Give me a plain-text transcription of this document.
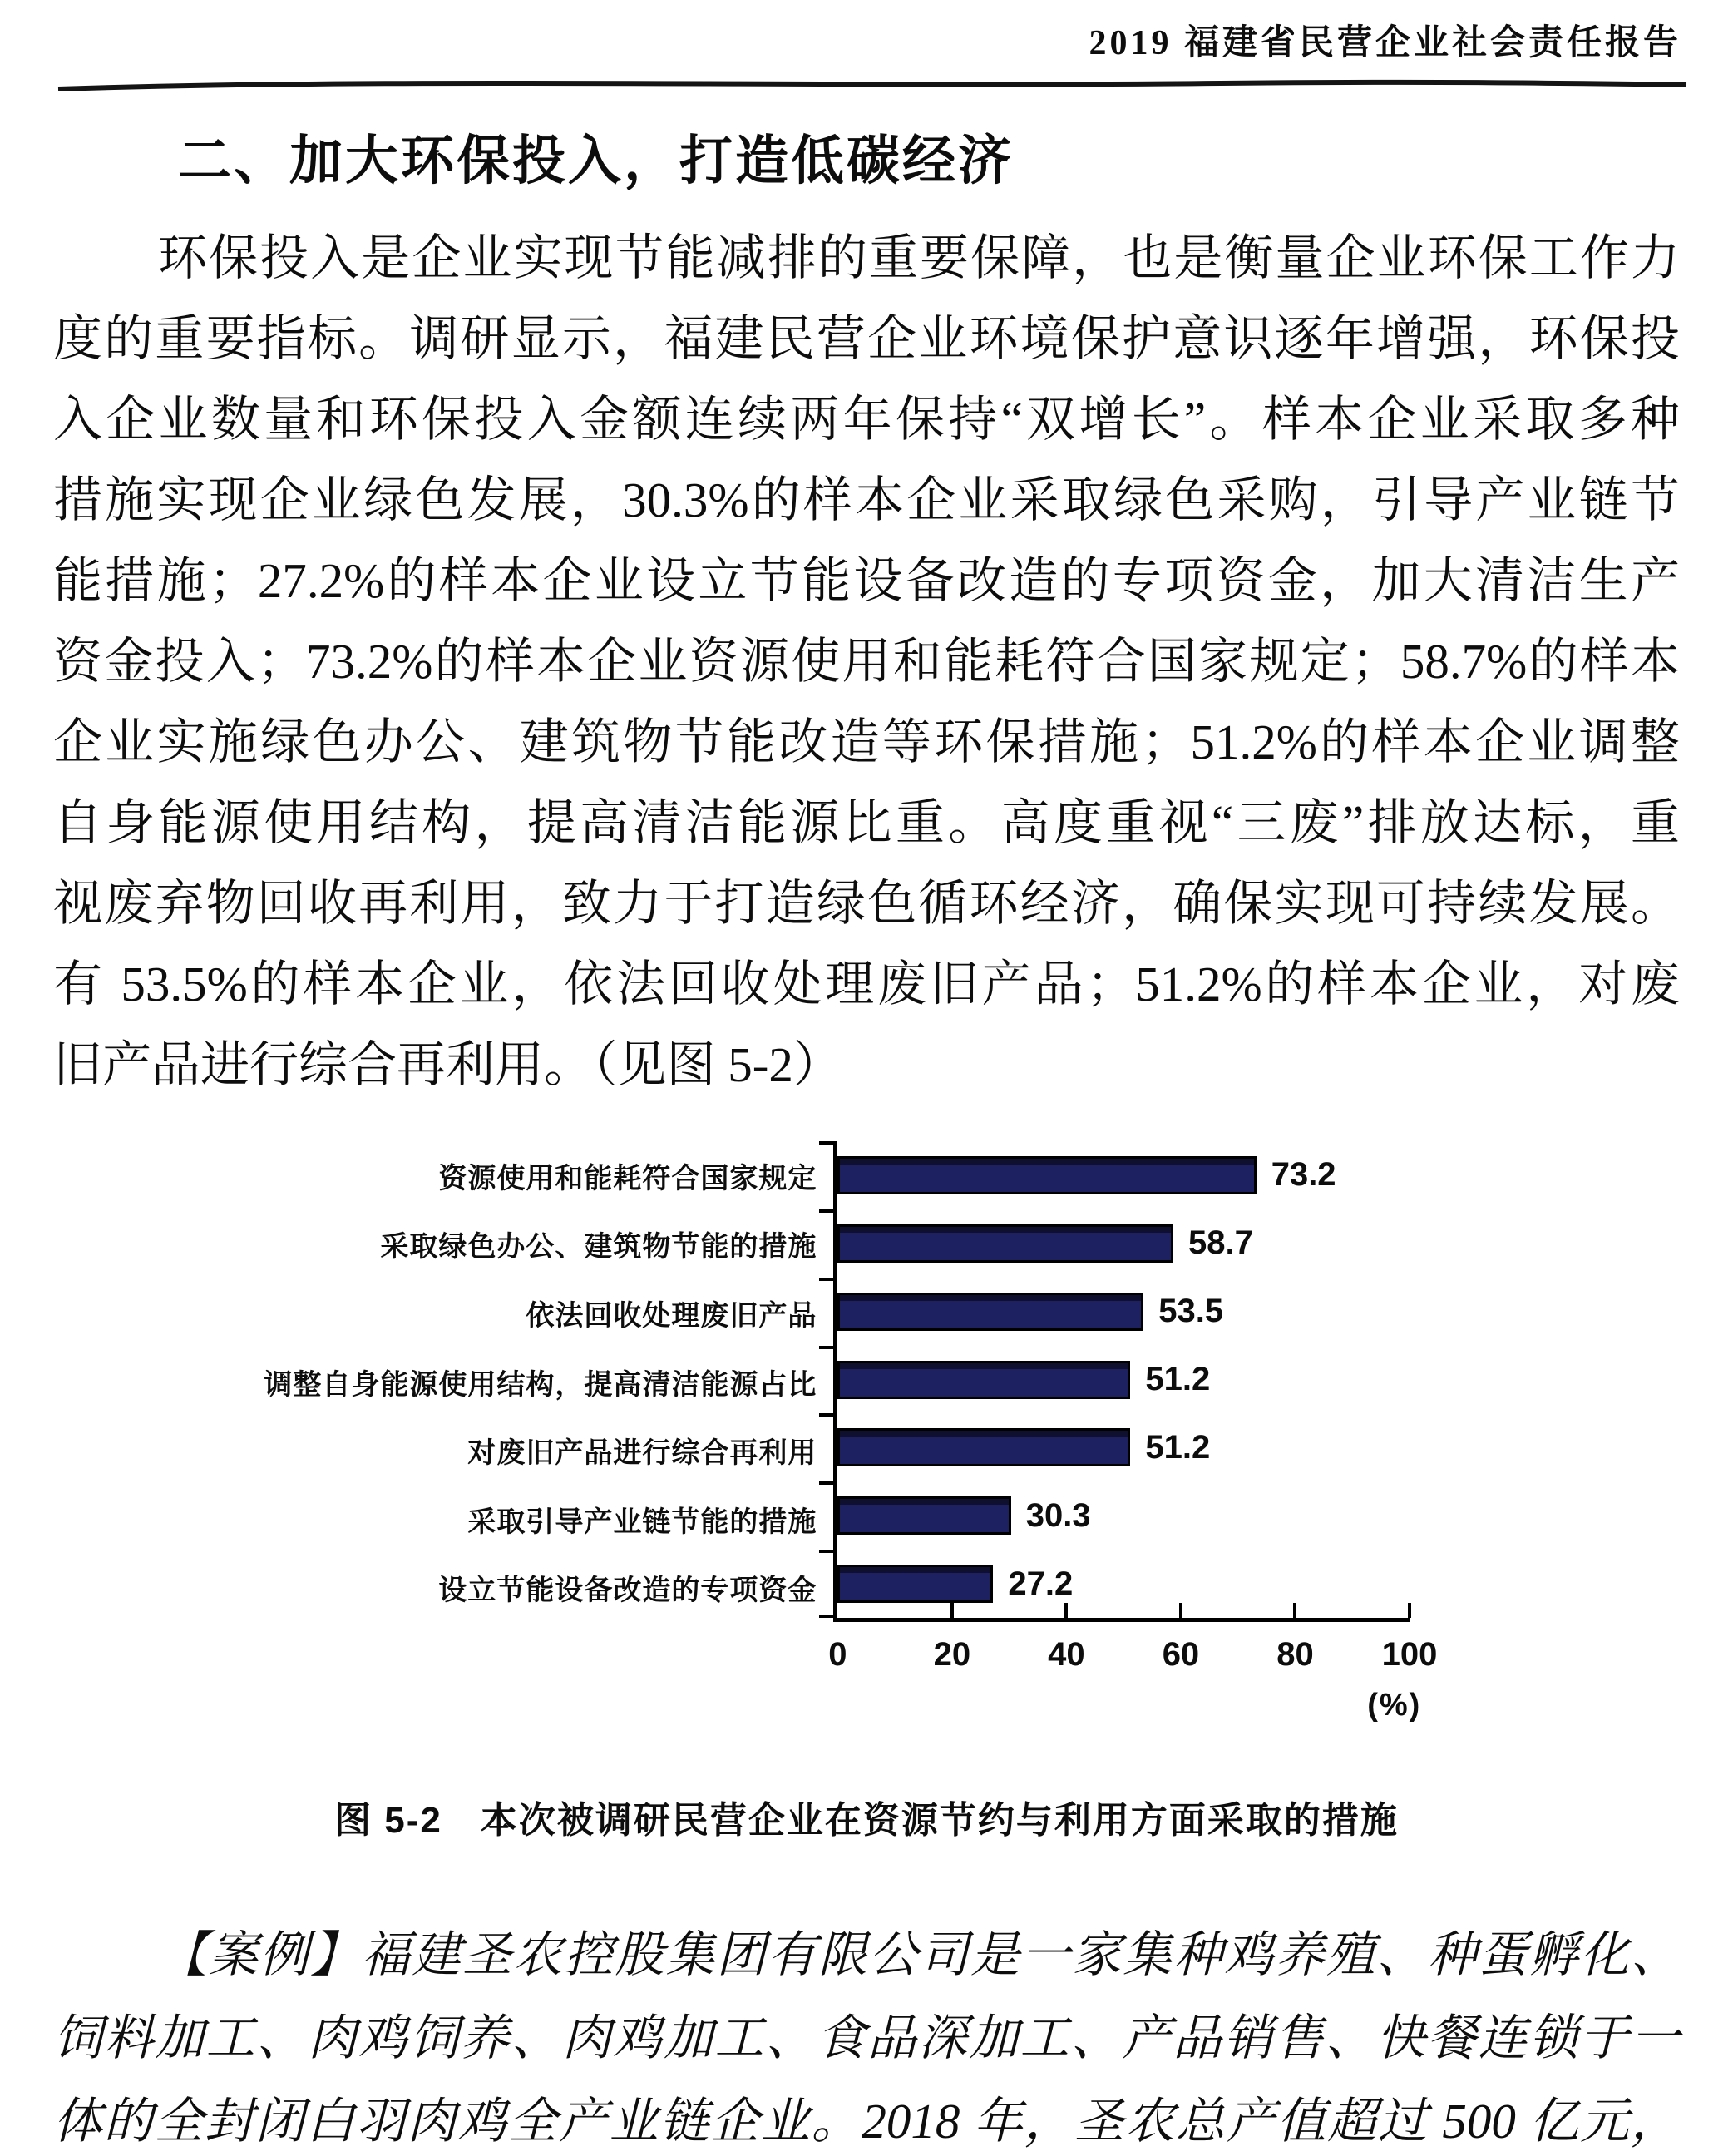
2019 福建省民营企业社会责任报告
二、加大环保投入，打造低碳经济
环保投入是企业实现节能减排的重要保障，也是衡量企业环保工作力
度的重要指标。调研显示，福建民营企业环境保护意识逐年增强，环保投
入企业数量和环保投入金额连续两年保持“双增长”。样本企业采取多种
措施实现企业绿色发展，30.3%的样本企业采取绿色采购，引导产业链节
能措施；27.2%的样本企业设立节能设备改造的专项资金，加大清洁生产
资金投入；73.2%的样本企业资源使用和能耗符合国家规定；58.7%的样本
企业实施绿色办公、建筑物节能改造等环保措施；51.2%的样本企业调整
自身能源使用结构，提高清洁能源比重。高度重视“三废”排放达标，重
视废弃物回收再利用，致力于打造绿色循环经济，确保实现可持续发展。
有 53.5%的样本企业，依法回收处理废旧产品；51.2%的样本企业，对废
旧产品进行综合再利用。（见图 5-2）
资源使用和能耗符合国家规定
采取绿色办公、建筑物节能的措施
依法回收处理废旧产品
调整自身能源使用结构，提高清洁能源占比
对废旧产品进行综合再利用
采取引导产业链节能的措施
设立节能设备改造的专项资金
73.2
58.7
53.5
51.2
51.2
30.3
27.2
0	20 40 60 80 100
(%)
图 5-2　本次被调研民营企业在资源节约与利用方面采取的措施
【案例】福建圣农控股集团有限公司是一家集种鸡养殖、种蛋孵化、
饲料加工、肉鸡饲养、肉鸡加工、食品深加工、产品销售、快餐连锁于一
体的全封闭白羽肉鸡全产业链企业。2018 年，圣农总产值超过 500 亿元，
